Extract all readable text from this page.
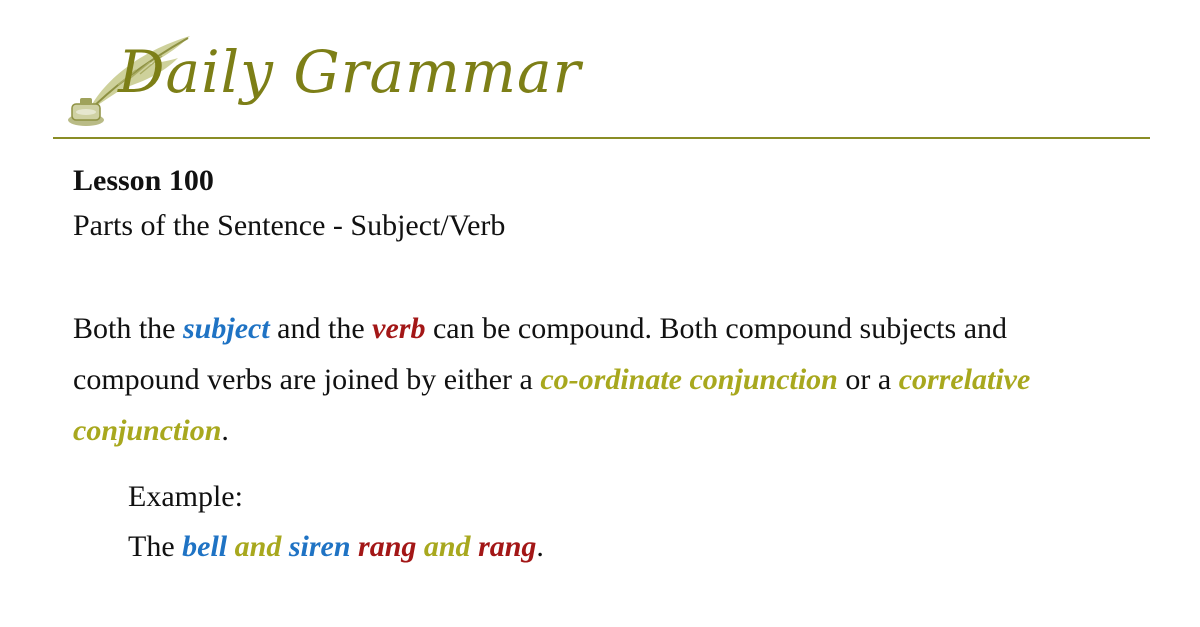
Daily Grammar
Lesson 100
Parts of the Sentence - Subject/Verb
Both the subject and the verb can be compound. Both compound subjects and compound verbs are joined by either a co-ordinate conjunction or a correlative conjunction.
Example:
The bell and siren rang and rang.
